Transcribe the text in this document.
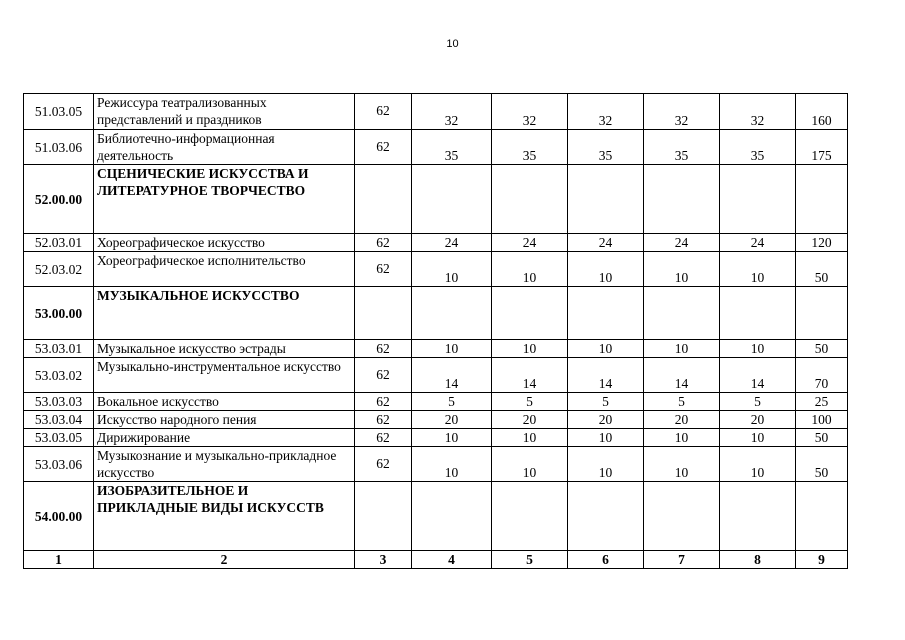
10
51.03.05	Режиссура театрализованных представлений и праздников	62	32	32	32	32	32	160
51.03.06	Библиотечно-информационная деятельность	62	35	35	35	35	35	175
52.00.00	СЦЕНИЧЕСКИЕ ИСКУССТВА И ЛИТЕРАТУРНОЕ ТВОРЧЕСТВО							
52.03.01	Хореографическое искусство	62	24	24	24	24	24	120
52.03.02	Хореографическое исполнительство	62	10	10	10	10	10	50
53.00.00	МУЗЫКАЛЬНОЕ ИСКУССТВО							
53.03.01	Музыкальное искусство эстрады	62	10	10	10	10	10	50
53.03.02	Музыкально-инструментальное искусство	62	14	14	14	14	14	70
53.03.03	Вокальное искусство	62	5	5	5	5	5	25
53.03.04	Искусство народного пения	62	20	20	20	20	20	100
53.03.05	Дирижирование	62	10	10	10	10	10	50
53.03.06	Музыкознание и музыкально-прикладное искусство	62	10	10	10	10	10	50
54.00.00	ИЗОБРАЗИТЕЛЬНОЕ И ПРИКЛАДНЫЕ ВИДЫ ИСКУССТВ							
1	2	3	4	5	6	7	8	9
